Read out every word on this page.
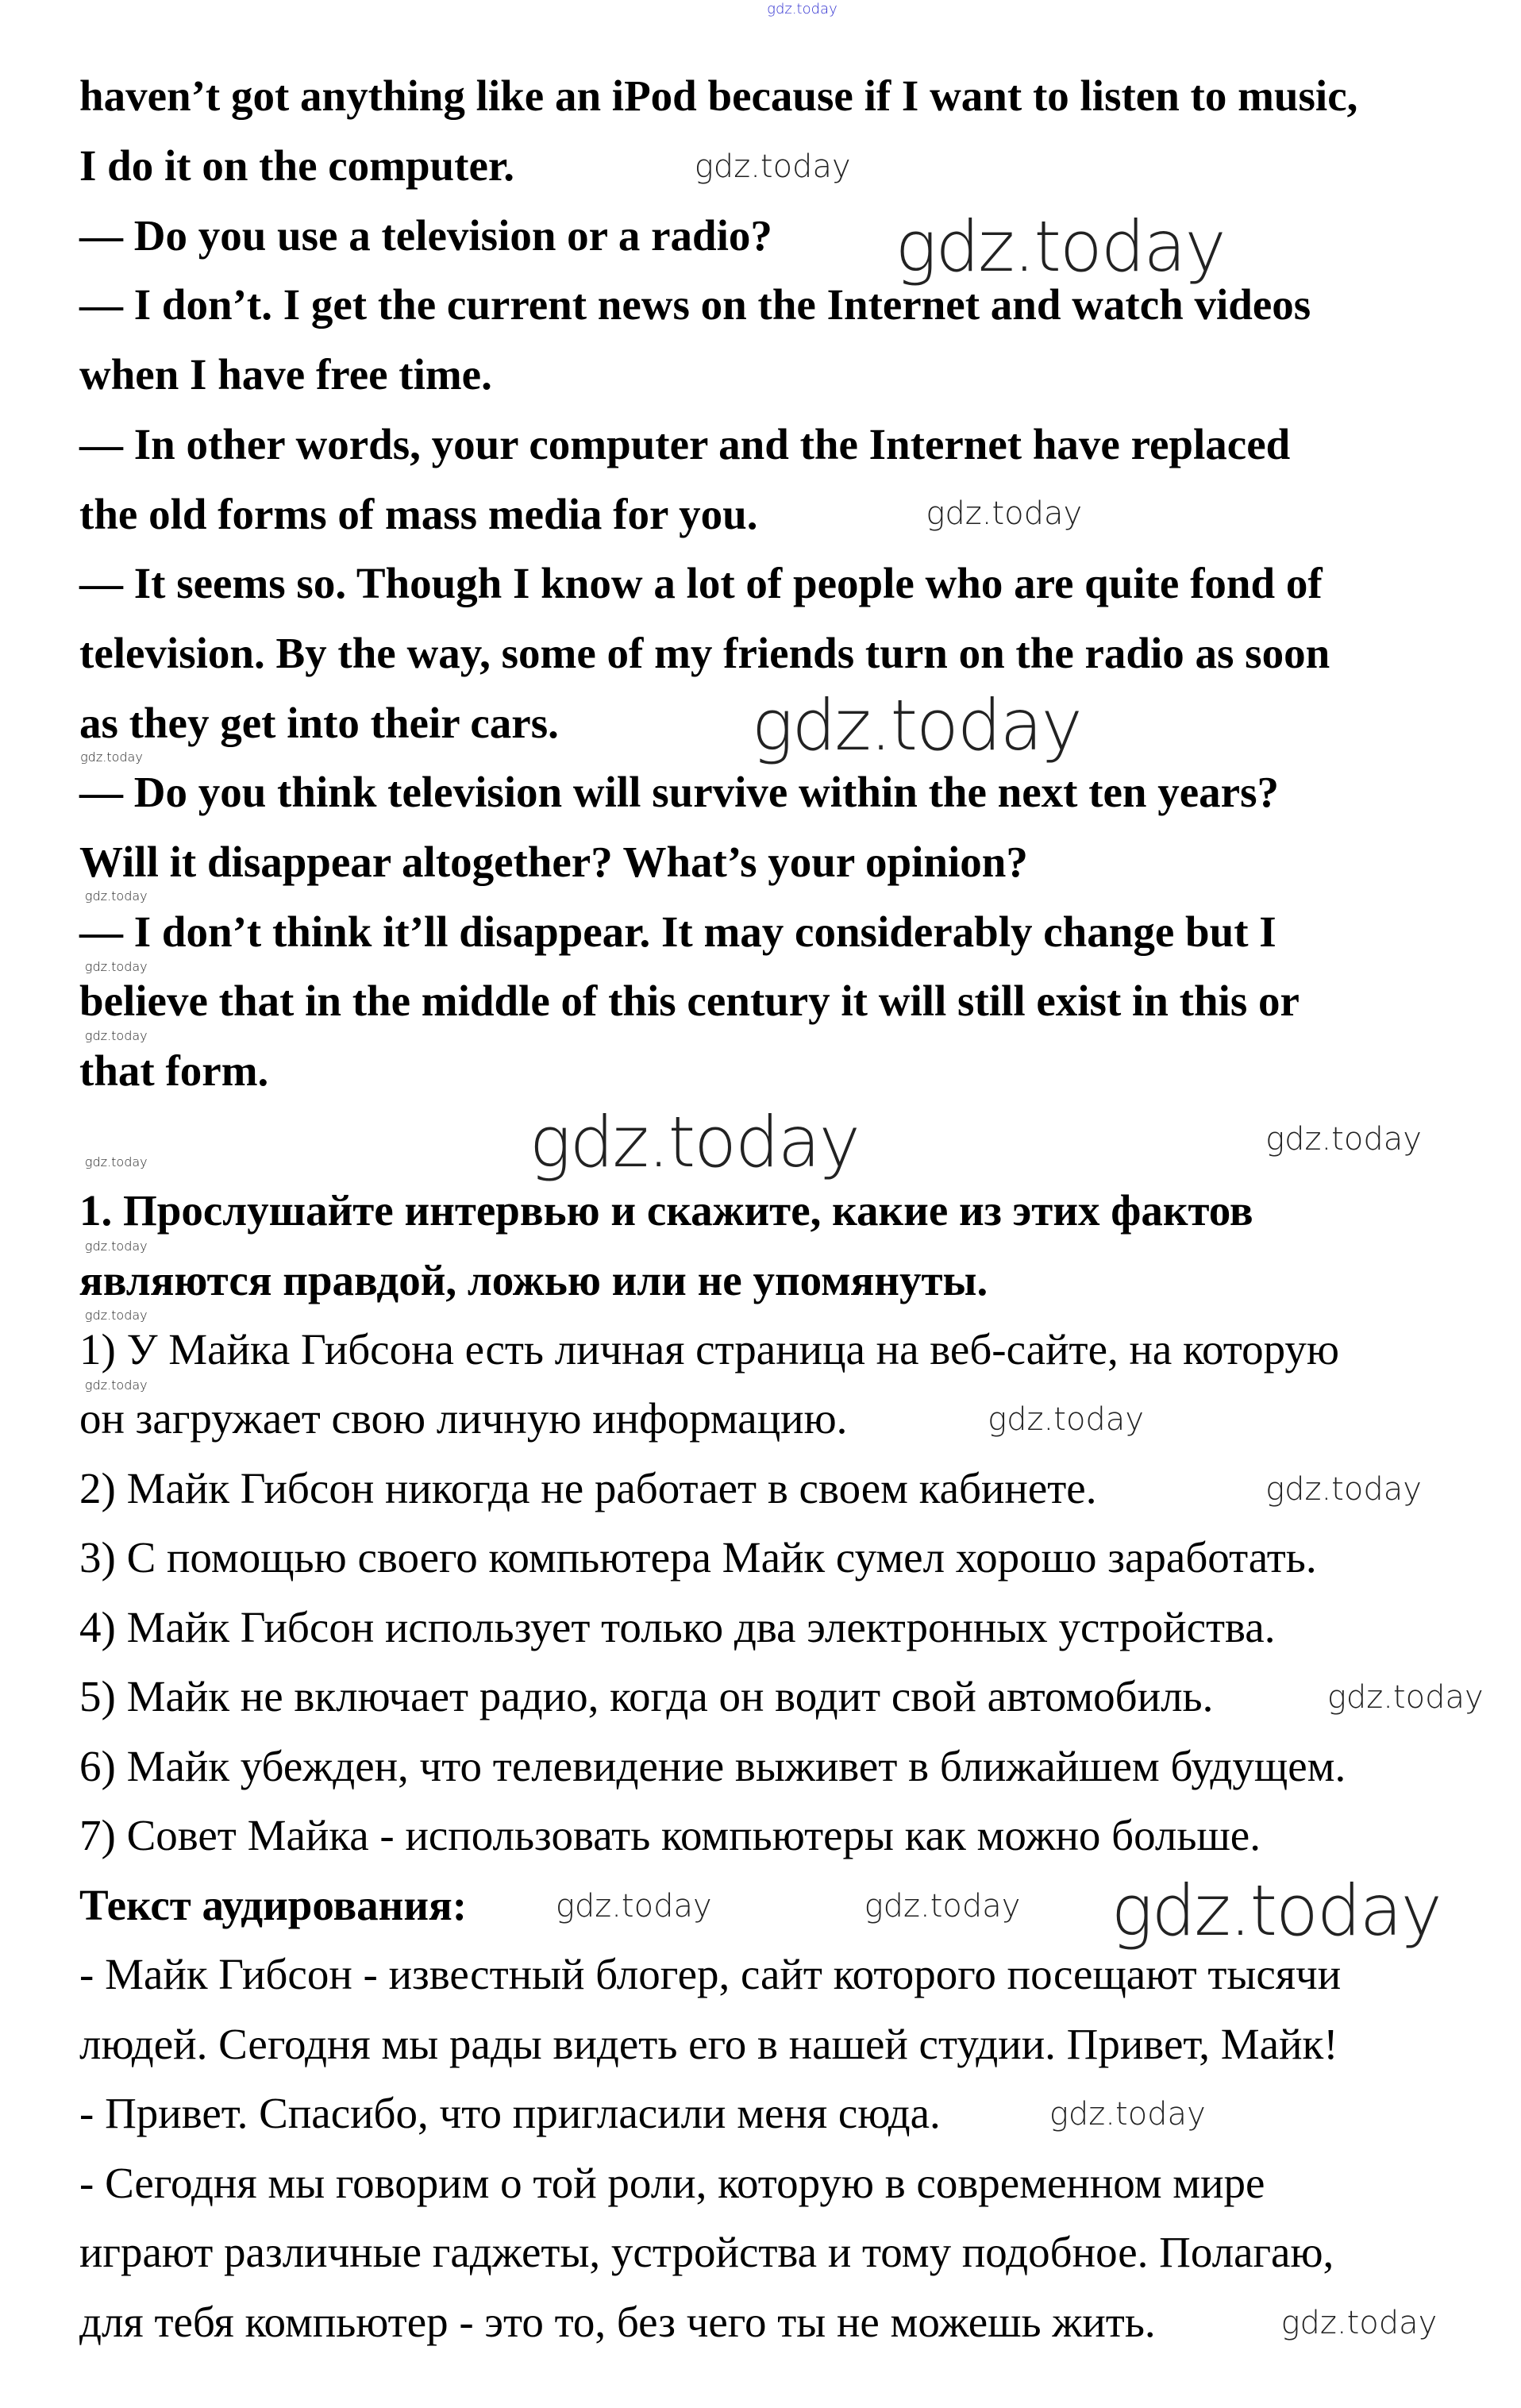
haven’t got anything like an iPod because if I want to listen to music,
I do it on the computer.
— Do you use a television or a radio?
— I don’t. I get the current news on the Internet and watch videos
when I have free time.
— In other words, your computer and the Internet have replaced
the old forms of mass media for you.
— It seems so. Though I know a lot of people who are quite fond of
television. By the way, some of my friends turn on the radio as soon
as they get into their cars.
— Do you think television will survive within the next ten years?
Will it disappear altogether? What’s your opinion?
— I don’t think it’ll disappear. It may considerably change but I
believe that in the middle of this century it will still exist in this or
that form.
1. Прослушайте интервью и скажите, какие из этих фактов
являются правдой, ложью или не упомянуты.
1) У Майка Гибсона есть личная страница на веб-сайте, на которую
он загружает свою личную информацию.
2) Майк Гибсон никогда не работает в своем кабинете.
3) С помощью своего компьютера Майк сумел хорошо заработать.
4) Майк Гибсон использует только два электронных устройства.
5) Майк не включает радио, когда он водит свой автомобиль.
6) Майк убежден, что телевидение выживет в ближайшем будущем.
7) Совет Майка - использовать компьютеры как можно больше.
Текст аудирования:
- Майк Гибсон - известный блогер, сайт которого посещают тысячи
людей. Сегодня мы рады видеть его в нашей студии. Привет, Майк!
- Привет. Спасибо, что пригласили меня сюда.
- Сегодня мы говорим о той роли, которую в современном мире
играют различные гаджеты, устройства и тому подобное. Полагаю,
для тебя компьютер - это то, без чего ты не можешь жить.
gdz.today
gdz.today
gdz.today
gdz.today
gdz.today
gdz.today
gdz.today
gdz.today
gdz.today
gdz.today	gdz.today
gdz.today
gdz.today
gdz.today
gdz.today
gdz.today
gdz.today
gdz.today
gdz.today	gdz.today gdz.today
gdz.today
gdz.today
